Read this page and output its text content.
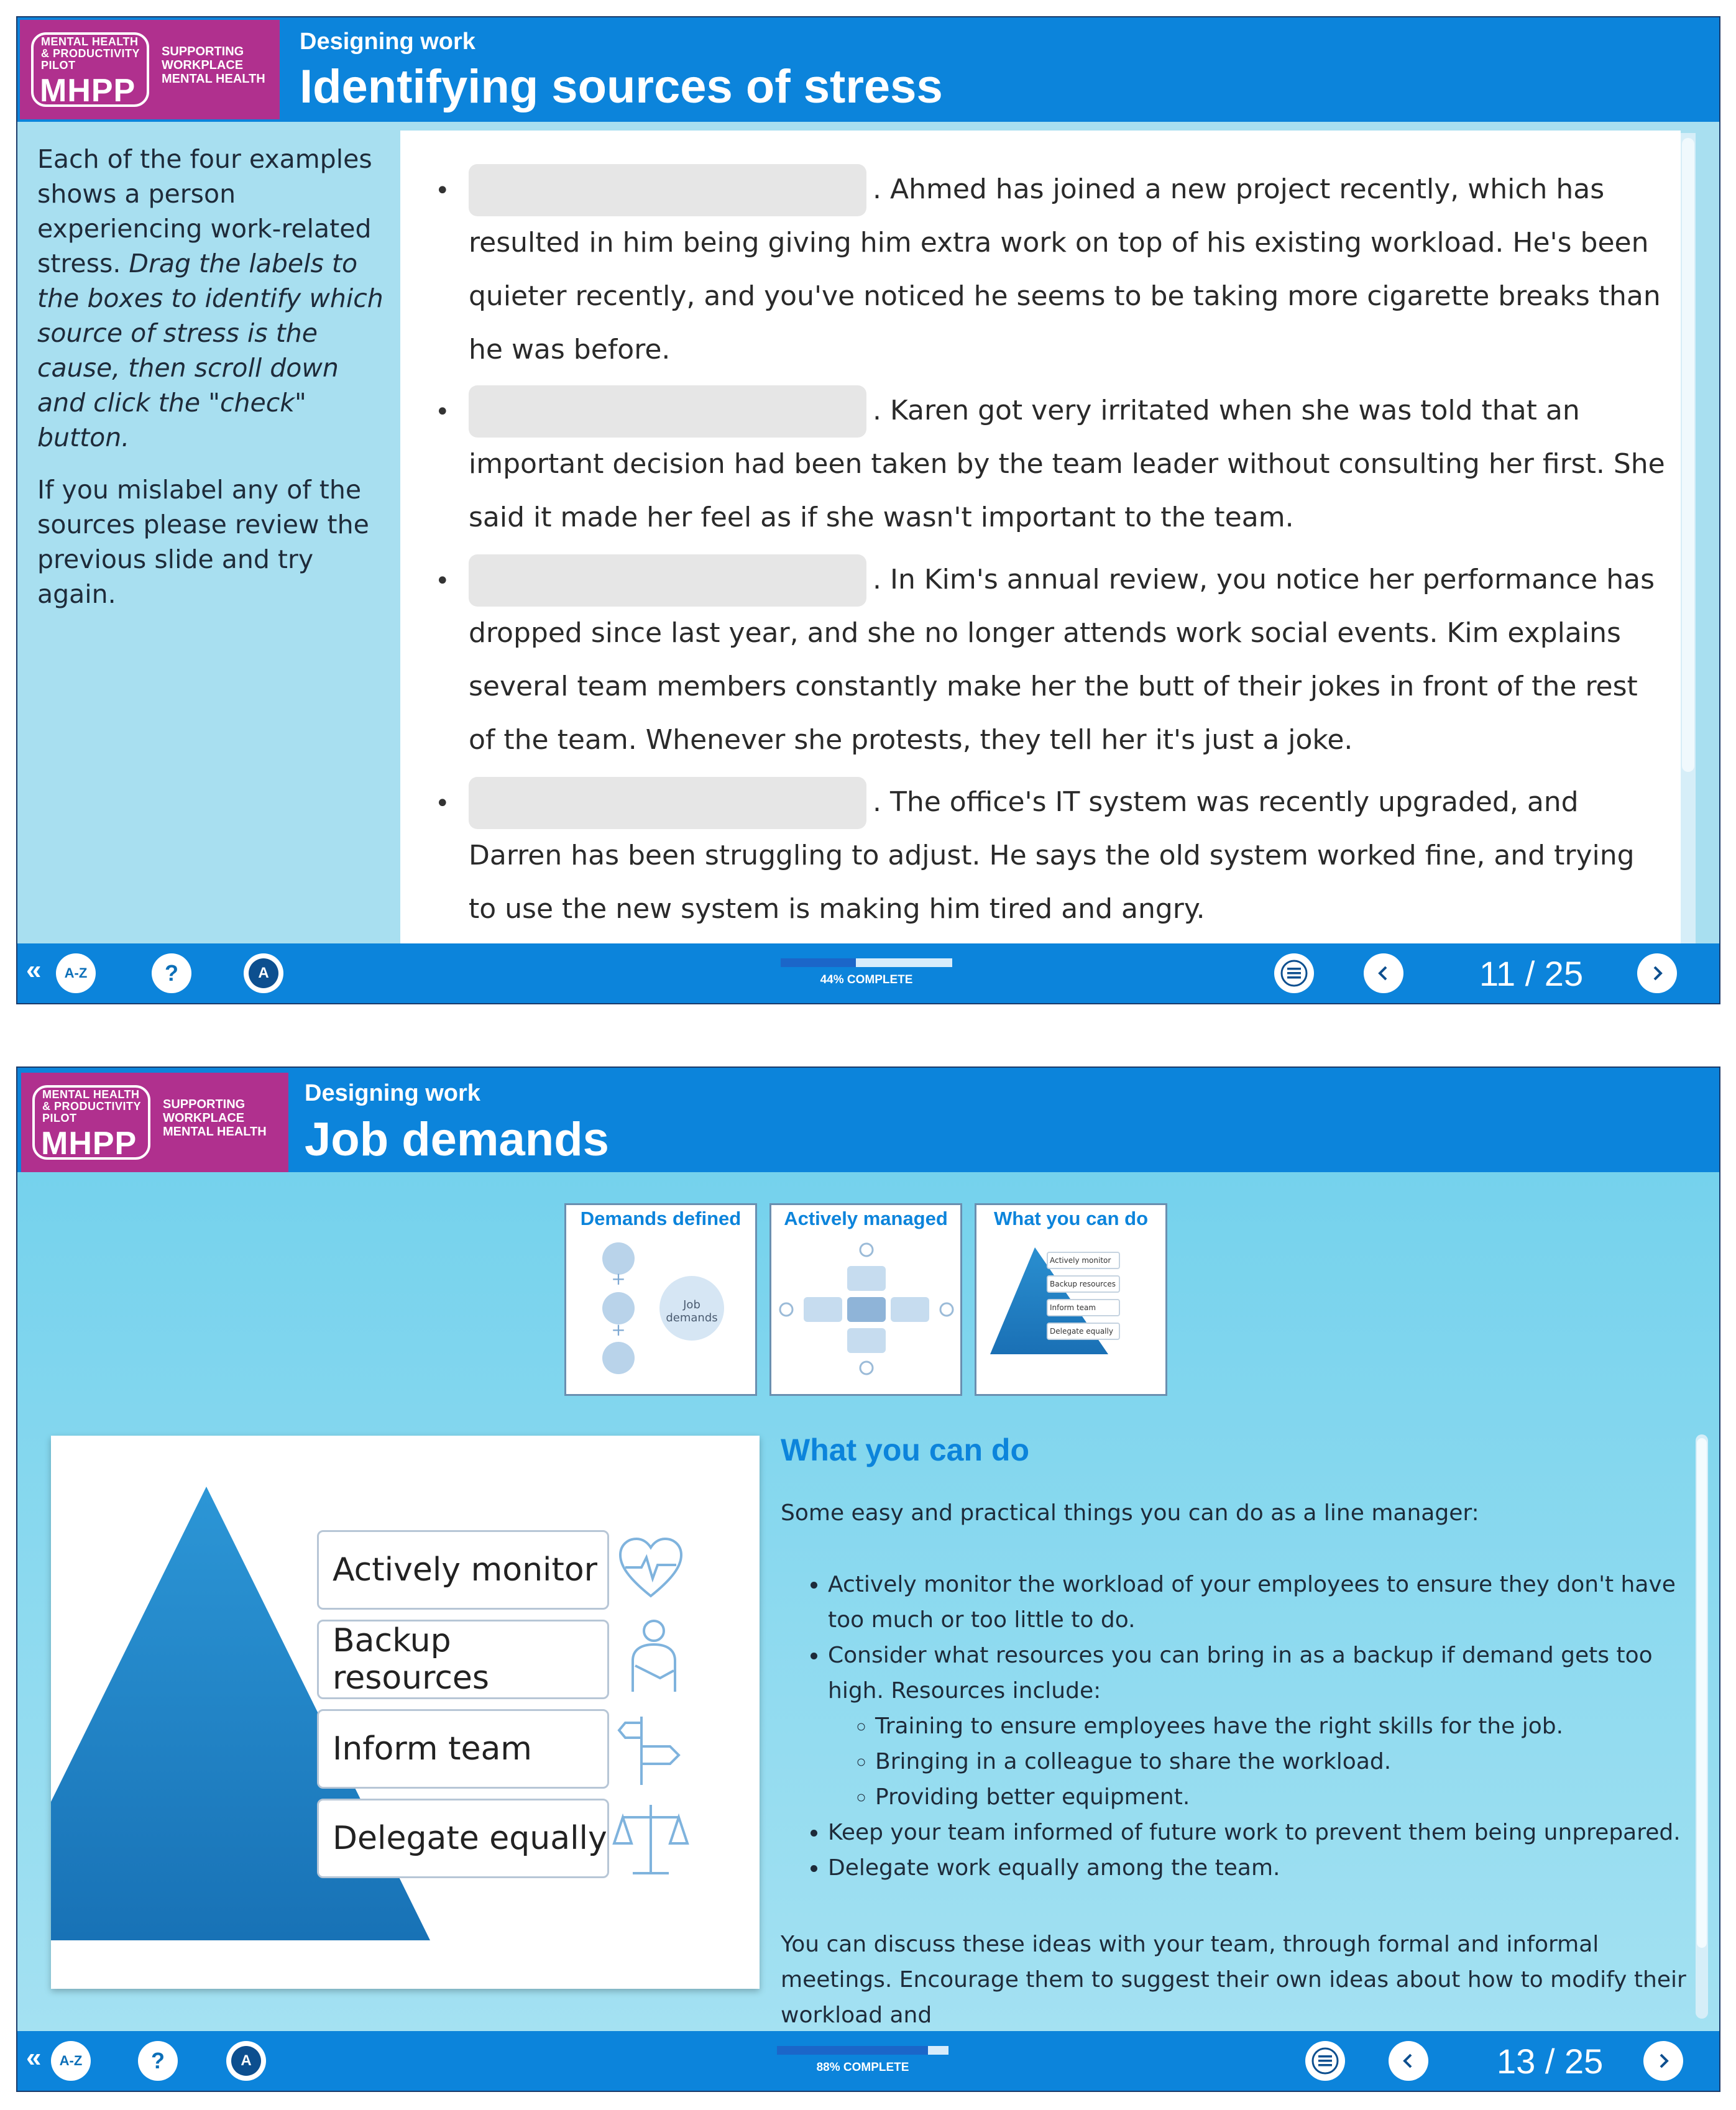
MENTAL HEALTH & PRODUCTIVITY PILOT
MHPP
SUPPORTING WORKPLACE MENTAL HEALTH
Designing work
Identifying sources of stress

Each of the four examples shows a person experiencing work-related stress. Drag the labels to the boxes to identify which source of stress is the cause, then scroll down and click the "check" button.

If you mislabel any of the sources please review the previous slide and try again.

•	. Ahmed has joined a new project recently, which has resulted in him being giving him extra work on top of his existing workload. He's been quieter recently, and you've noticed he seems to be taking more cigarette breaks than he was before.
•	. Karen got very irritated when she was told that an important decision had been taken by the team leader without consulting her first. She said it made her feel as if she wasn't important to the team.
•	. In Kim's annual review, you notice her performance has dropped since last year, and she no longer attends work social events. Kim explains several team members constantly make her the butt of their jokes in front of the rest of the team. Whenever she protests, they tell her it's just a joke.
•	. The office's IT system was recently upgraded, and Darren has been struggling to adjust. He says the old system worked fine, and trying to use the new system is making him tired and angry.
« A-Z	?	A	44% COMPLETE	11 / 25
MENTAL HEALTH & PRODUCTIVITY PILOT
MHPP
SUPPORTING WORKPLACE MENTAL HEALTH
Designing work
Job demands
Demands defined
+
+
Job demands
Actively managed	What you can do
Actively monitor
Backup resources
Inform team
Delegate equally
Actively monitor
Backup resources
Inform team
Delegate equally
What you can do

Some easy and practical things you can do as a line manager:

• Actively monitor the workload of your employees to ensure they don't have too much or too little to do.
• Consider what resources you can bring in as a backup if demand gets too high. Resources include:
◦ Training to ensure employees have the right skills for the job.
◦ Bringing in a colleague to share the workload.
◦ Providing better equipment.
• Keep your team informed of future work to prevent them being unprepared.
• Delegate work equally among the team.

You can discuss these ideas with your team, through formal and informal meetings. Encourage them to suggest their own ideas about how to modify their workload and

« A-Z	?	A	88% COMPLETE	13 / 25
